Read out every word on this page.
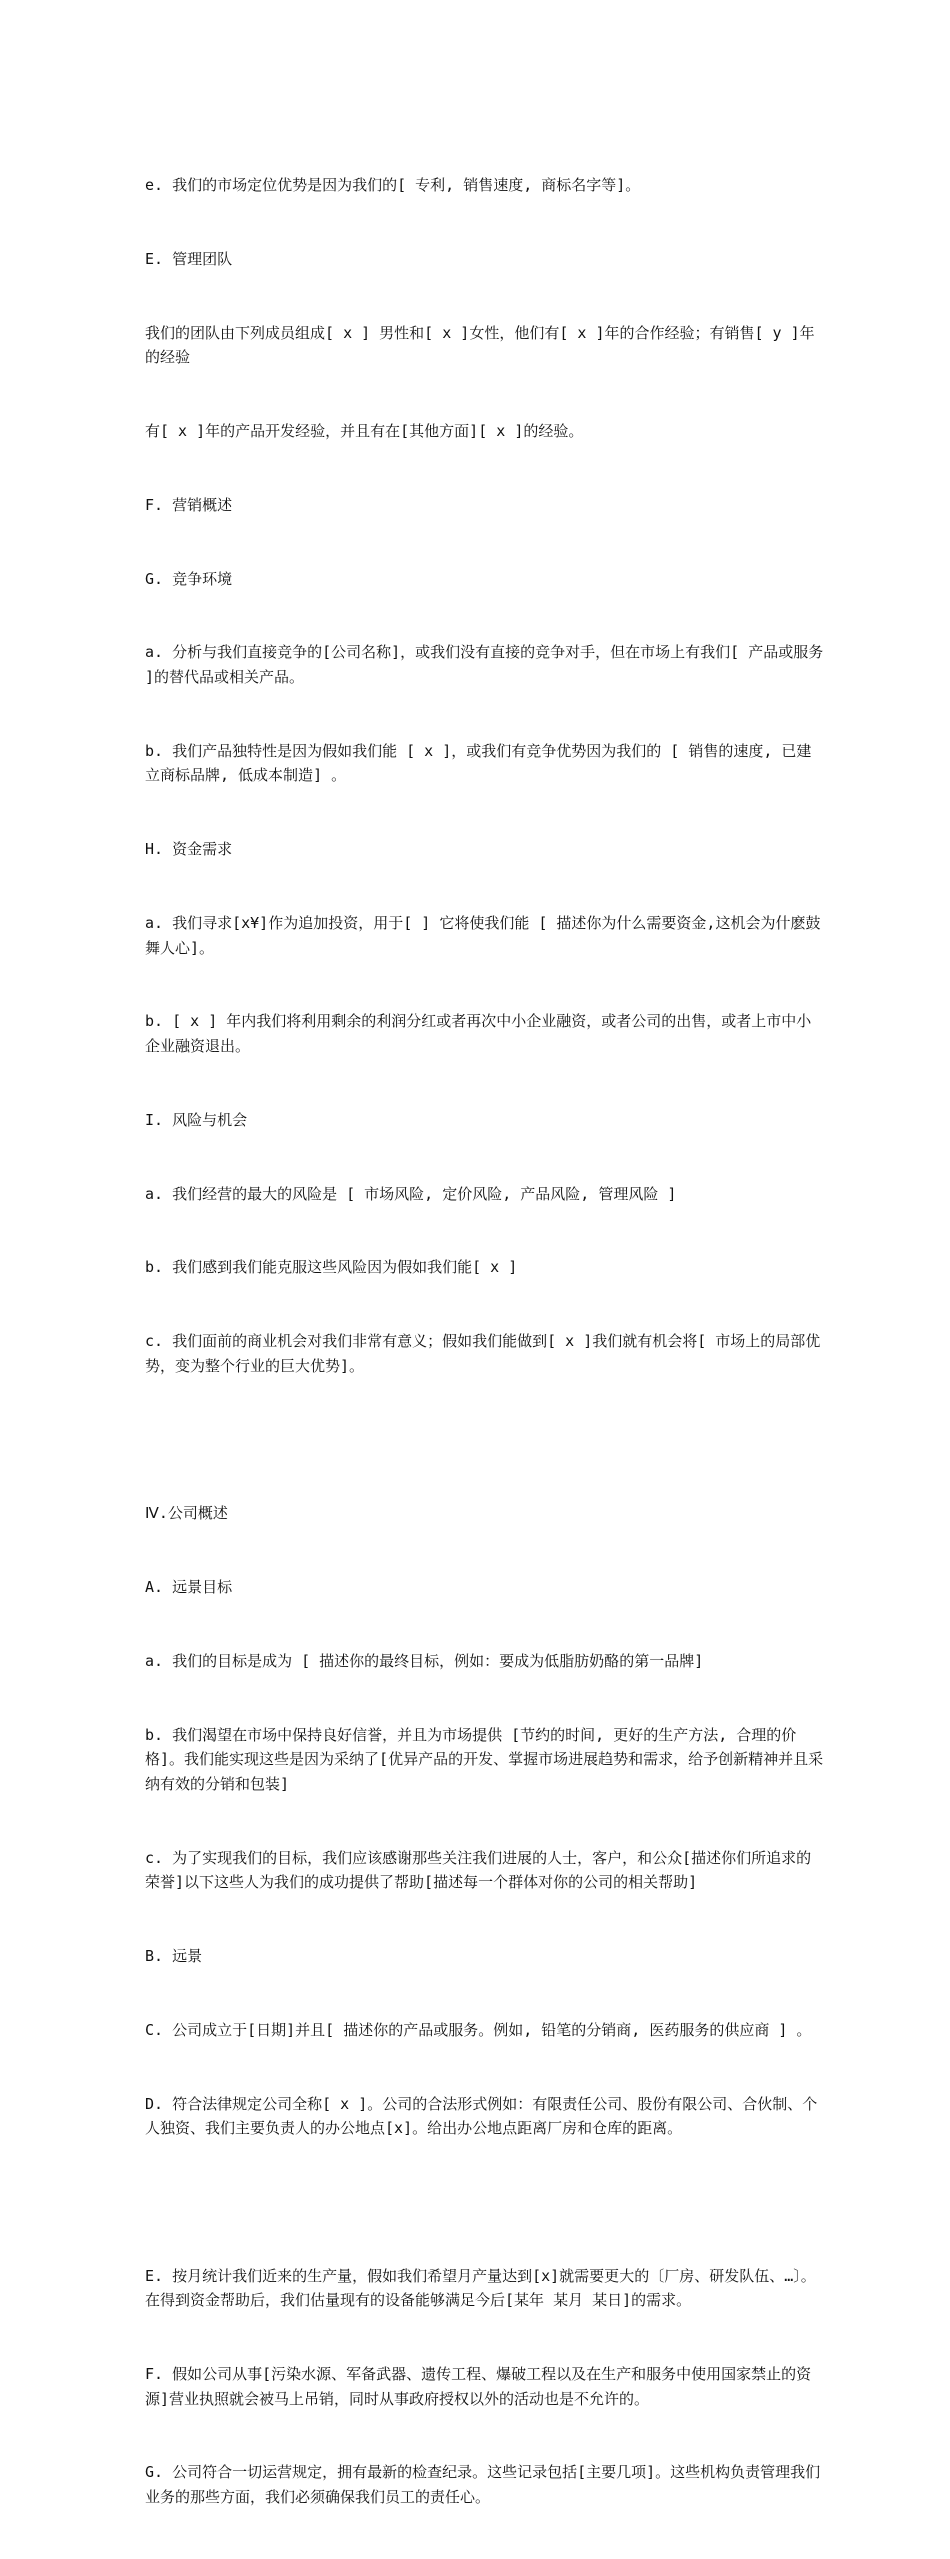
e. 我们的市场定位优势是因为我们的[ 专利, 销售速度, 商标名字等]。

E. 管理团队

我们的团队由下列成员组成[ x ] 男性和[ x ]女性，他们有[ x ]年的合作经验；有销售[ y ]年的经验

有[ x ]年的产品开发经验，并且有在[其他方面][ x ]的经验。

F. 营销概述

G. 竞争环境

a. 分析与我们直接竞争的[公司名称]，或我们没有直接的竞争对手，但在市场上有我们[ 产品或服务 ]的替代品或相关产品。

b. 我们产品独特性是因为假如我们能 [ x ]，或我们有竞争优势因为我们的 [ 销售的速度, 已建立商标品牌, 低成本制造] 。

H. 资金需求

a. 我们寻求[x¥]作为追加投资，用于[ ] 它将使我们能 [ 描述你为什么需要资金,这机会为什麽鼓舞人心]。

b. [ x ] 年内我们将利用剩余的利润分红或者再次中小企业融资，或者公司的出售，或者上市中小企业融资退出。

I. 风险与机会

a. 我们经营的最大的风险是 [ 市场风险, 定价风险, 产品风险, 管理风险 ]

b. 我们感到我们能克服这些风险因为假如我们能[ x ]

c. 我们面前的商业机会对我们非常有意义；假如我们能做到[ x ]我们就有机会将[ 市场上的局部优势，变为整个行业的巨大优势]。

Ⅳ.公司概述

A. 远景目标

a. 我们的目标是成为 [ 描述你的最终目标，例如：要成为低脂肪奶酪的第一品牌]

b. 我们渴望在市场中保持良好信誉，并且为市场提供 [节约的时间, 更好的生产方法, 合理的价格]。我们能实现这些是因为采纳了[优异产品的开发、掌握市场进展趋势和需求，给予创新精神并且采纳有效的分销和包装]

c. 为了实现我们的目标，我们应该感谢那些关注我们进展的人士，客户，和公众[描述你们所追求的荣誉]以下这些人为我们的成功提供了帮助[描述每一个群体对你的公司的相关帮助]

B. 远景

C. 公司成立于[日期]并且[ 描述你的产品或服务。例如, 铅笔的分销商, 医药服务的供应商 ] 。

D. 符合法律规定公司全称[ x ]。公司的合法形式例如：有限责任公司、股份有限公司、合伙制、个人独资、我们主要负责人的办公地点[x]。给出办公地点距离厂房和仓库的距离。

E. 按月统计我们近来的生产量，假如我们希望月产量达到[x]就需要更大的〔厂房、研发队伍、…〕。在得到资金帮助后，我们估量现有的设备能够满足今后[某年 某月 某日]的需求。

F. 假如公司从事[污染水源、军备武器、遗传工程、爆破工程以及在生产和服务中使用国家禁止的资源]营业执照就会被马上吊销，同时从事政府授权以外的活动也是不允许的。

G. 公司符合一切运营规定，拥有最新的检查纪录。这些记录包括[主要几项]。这些机构负责管理我们业务的那些方面，我们必须确保我们员工的责任心。
